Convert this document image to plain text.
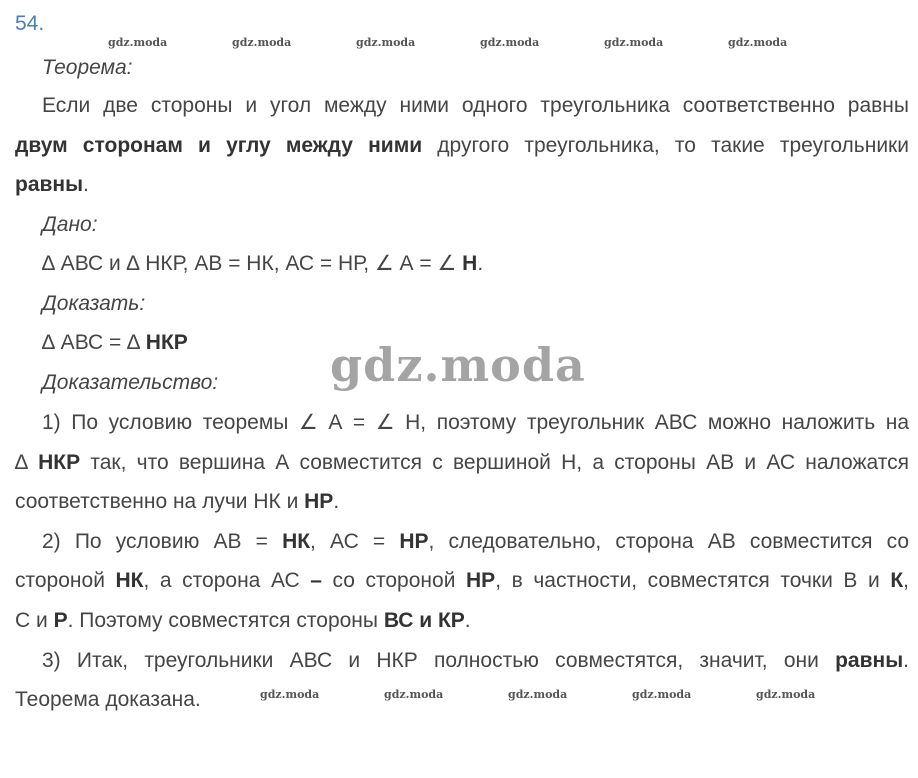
54.
gdz.moda	gdz.moda	gdz.moda	gdz.moda	gdz.moda	gdz.moda
Теорема:
Если две стороны и угол между ними одного треугольника соответственно равны
двум сторонам и углу между ними другого треугольника, то такие треугольники
равны.
Дано:
∆ АВС и ∆ НКР, АВ = НК, АС = НР, ∠ А = ∠ Н.
Доказать:
∆ АВС = ∆ НКР
Доказательство:	gdz.moda
1) По условию теоремы ∠ А = ∠ Н, поэтому треугольник АВС можно наложить на
∆ НКР так, что вершина А совместится с вершиной Н, а стороны АВ и АС наложатся
соответственно на лучи НК и НР.
2) По условию АВ = НК, АС = НР, следовательно, сторона АВ совместится со
стороной НК, а сторона АС – со стороной НР, в частности, совместятся точки В и К,
С и Р. Поэтому совместятся стороны ВС и КР.
3) Итак, треугольники АВС и НКР полностью совместятся, значит, они равны.
Теорема доказана.	gdz.moda	gdz.moda	gdz.moda	gdz.moda	gdz.moda
